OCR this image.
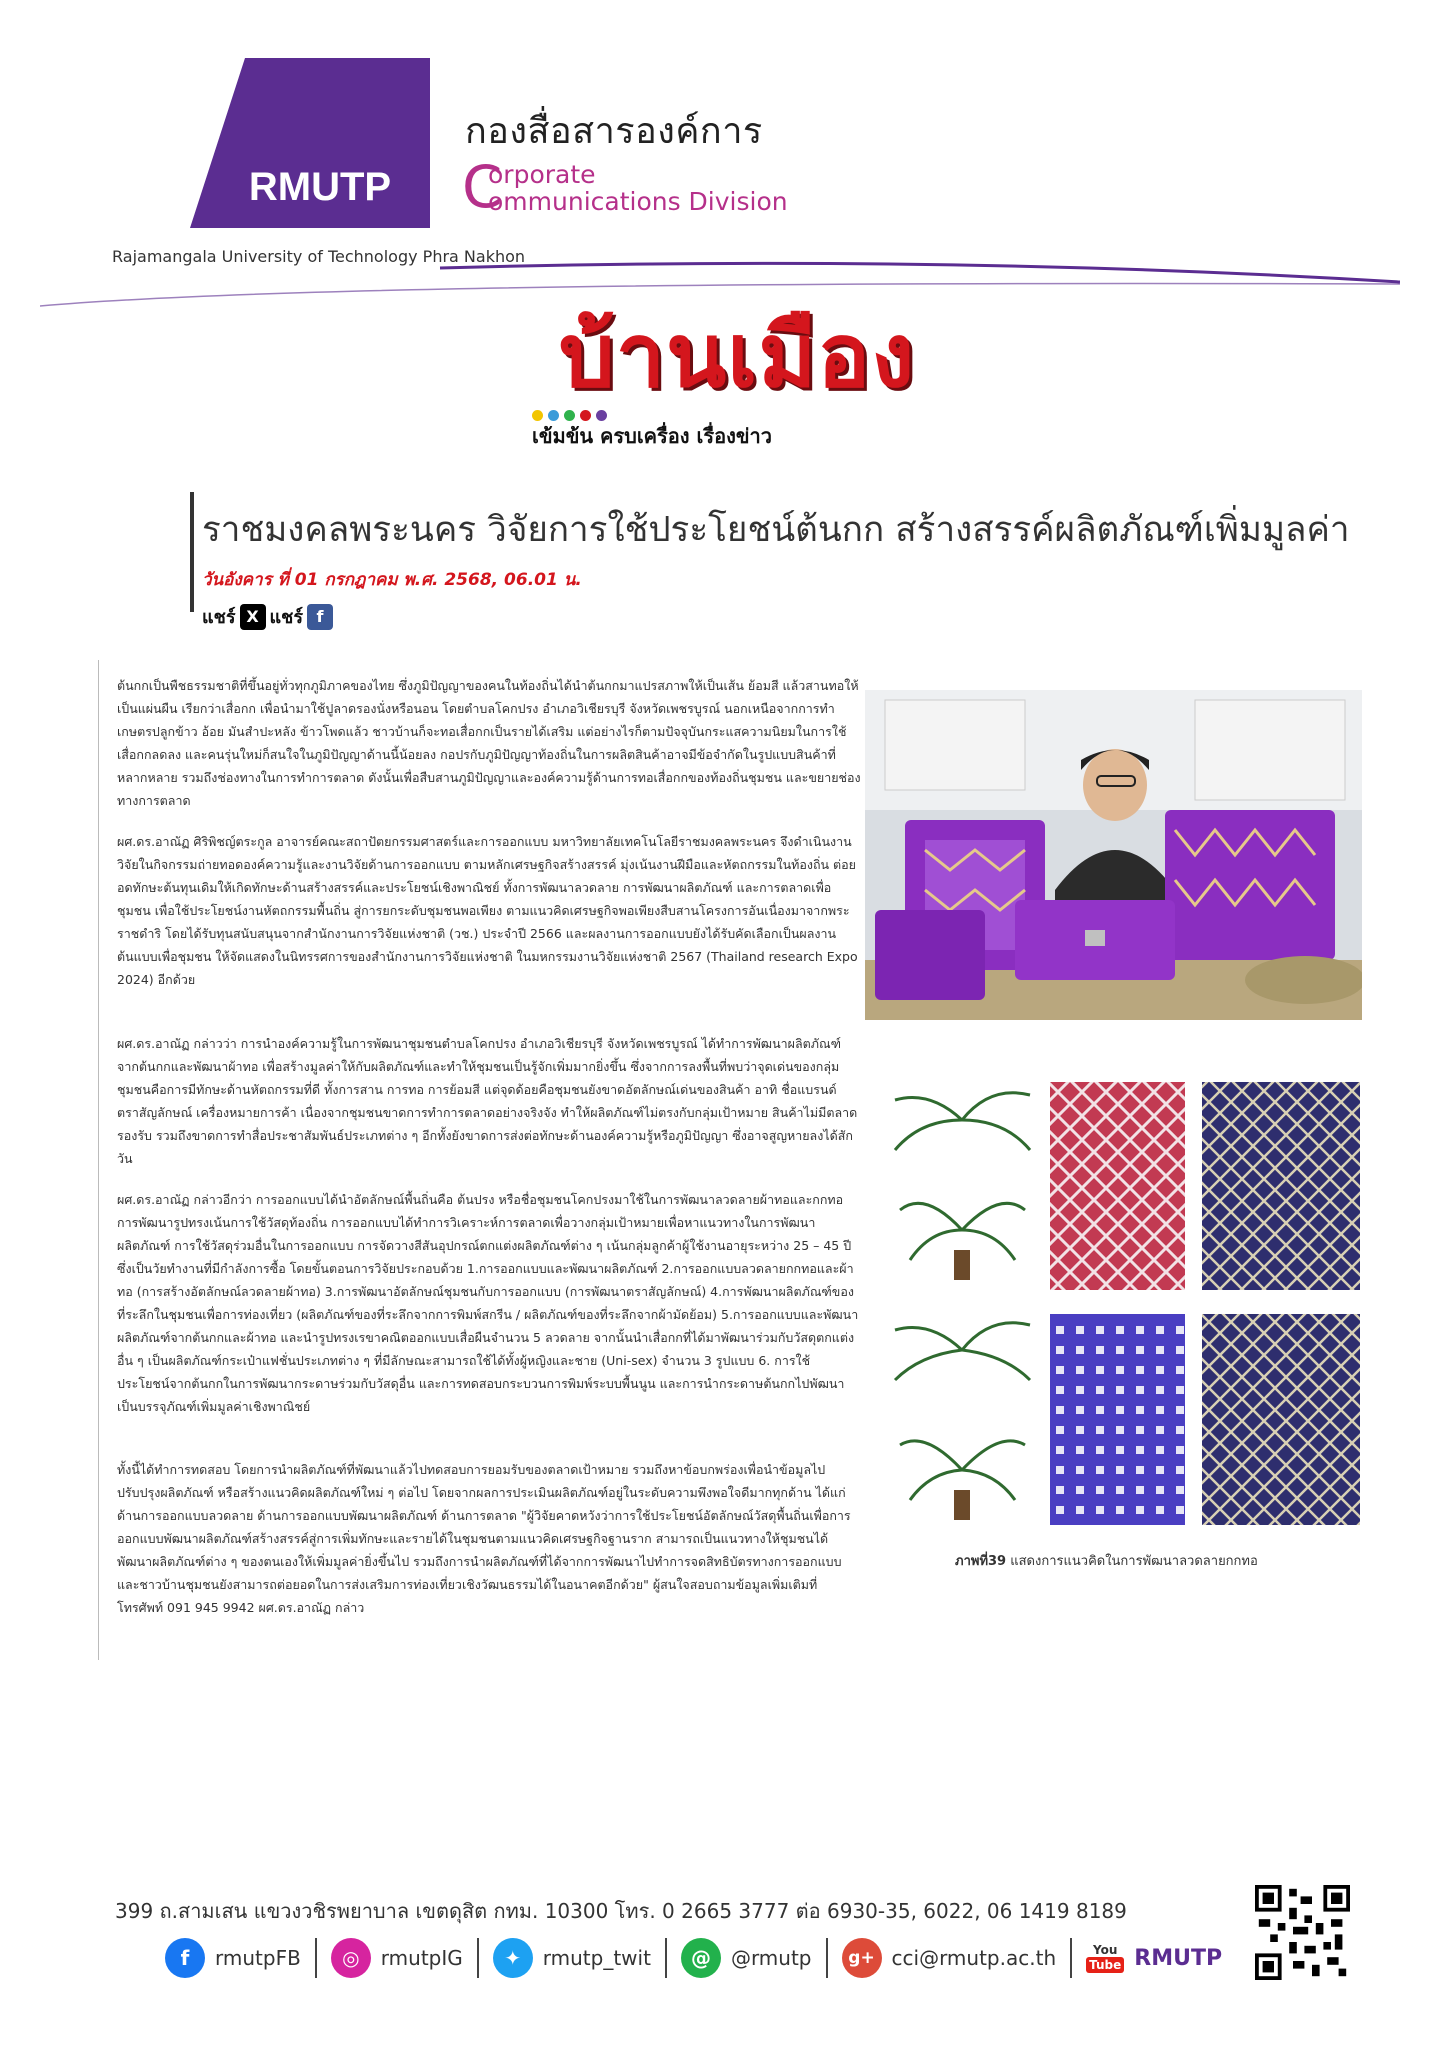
RMUTP
กองสื่อสารองค์การ
C
orporate
ommunications Division
Rajamangala University of Technology Phra Nakhon
บ้านเมือง
เข้มข้น ครบเครื่อง เรื่องข่าว
ราชมงคลพระนคร วิจัยการใช้ประโยชน์ต้นกก สร้างสรรค์ผลิตภัณฑ์เพิ่มมูลค่า
วันอังคาร ที่ 01 กรกฎาคม พ.ศ. 2568, 06.01 น.
แชร์ X แชร์ f
ต้นกกเป็นพืชธรรมชาติที่ขึ้นอยู่ทั่วทุกภูมิภาคของไทย ซึ่งภูมิปัญญาของคนในท้องถิ่นได้นำต้นกกมาแปรสภาพให้เป็นเส้น ย้อมสี แล้วสานทอให้เป็นแผ่นผืน เรียกว่าเสื่อกก เพื่อนำมาใช้ปูลาดรองนั่งหรือนอน โดยตำบลโคกปรง อำเภอวิเชียรบุรี จังหวัดเพชรบูรณ์ นอกเหนือจากการทำเกษตรปลูกข้าว อ้อย มันสำปะหลัง ข้าวโพดแล้ว ชาวบ้านก็จะทอเสื่อกกเป็นรายได้เสริม แต่อย่างไรก็ตามปัจจุบันกระแสความนิยมในการใช้เสื่อกกลดลง และคนรุ่นใหม่ก็สนใจในภูมิปัญญาด้านนี้น้อยลง กอปรกับภูมิปัญญาท้องถิ่นในการผลิตสินค้าอาจมีข้อจำกัดในรูปแบบสินค้าที่หลากหลาย รวมถึงช่องทางในการทำการตลาด ดังนั้นเพื่อสืบสานภูมิปัญญาและองค์ความรู้ด้านการทอเสื่อกกของท้องถิ่นชุมชน และขยายช่องทางการตลาด
ผศ.ดร.อาณัฏ ศิริพิชญ์ตระกูล อาจารย์คณะสถาปัตยกรรมศาสตร์และการออกแบบ มหาวิทยาลัยเทคโนโลยีราชมงคลพระนคร จึงดำเนินงานวิจัยในกิจกรรมถ่ายทอดองค์ความรู้และงานวิจัยด้านการออกแบบ ตามหลักเศรษฐกิจสร้างสรรค์ มุ่งเน้นงานฝีมือและหัตถกรรมในท้องถิ่น ต่อยอดทักษะต้นทุนเดิมให้เกิดทักษะด้านสร้างสรรค์และประโยชน์เชิงพาณิชย์ ทั้งการพัฒนาลวดลาย การพัฒนาผลิตภัณฑ์ และการตลาดเพื่อชุมชน เพื่อใช้ประโยชน์งานหัตถกรรมพื้นถิ่น สู่การยกระดับชุมชนพอเพียง ตามแนวคิดเศรษฐกิจพอเพียงสืบสานโครงการอันเนื่องมาจากพระราชดำริ โดยได้รับทุนสนับสนุนจากสำนักงานการวิจัยแห่งชาติ (วช.) ประจำปี 2566 และผลงานการออกแบบยังได้รับคัดเลือกเป็นผลงานต้นแบบเพื่อชุมชน ให้จัดแสดงในนิทรรศการของสำนักงานการวิจัยแห่งชาติ ในมหกรรมงานวิจัยแห่งชาติ 2567 (Thailand research Expo 2024) อีกด้วย
ผศ.ดร.อาณัฏ กล่าวว่า การนำองค์ความรู้ในการพัฒนาชุมชนตำบลโคกปรง อำเภอวิเชียรบุรี จังหวัดเพชรบูรณ์ ได้ทำการพัฒนาผลิตภัณฑ์จากต้นกกและพัฒนาผ้าทอ เพื่อสร้างมูลค่าให้กับผลิตภัณฑ์และทำให้ชุมชนเป็นรู้จักเพิ่มมากยิ่งขึ้น ซึ่งจากการลงพื้นที่พบว่าจุดเด่นของกลุ่มชุมชนคือการมีทักษะด้านหัตถกรรมที่ดี ทั้งการสาน การทอ การย้อมสี แต่จุดด้อยคือชุมชนยังขาดอัตลักษณ์เด่นของสินค้า อาทิ ชื่อแบรนด์ ตราสัญลักษณ์ เครื่องหมายการค้า เนื่องจากชุมชนขาดการทำการตลาดอย่างจริงจัง ทำให้ผลิตภัณฑ์ไม่ตรงกับกลุ่มเป้าหมาย สินค้าไม่มีตลาดรองรับ รวมถึงขาดการทำสื่อประชาสัมพันธ์ประเภทต่าง ๆ อีกทั้งยังขาดการส่งต่อทักษะด้านองค์ความรู้หรือภูมิปัญญา ซึ่งอาจสูญหายลงได้สักวัน
ผศ.ดร.อาณัฏ กล่าวอีกว่า การออกแบบได้นำอัตลักษณ์พื้นถิ่นคือ ต้นปรง หรือชื่อชุมชนโคกปรงมาใช้ในการพัฒนาลวดลายผ้าทอและกกทอ การพัฒนารูปทรงเน้นการใช้วัสดุท้องถิ่น การออกแบบได้ทำการวิเคราะห์การตลาดเพื่อวางกลุ่มเป้าหมายเพื่อหาแนวทางในการพัฒนาผลิตภัณฑ์ การใช้วัสดุร่วมอื่นในการออกแบบ การจัดวางสีสันอุปกรณ์ตกแต่งผลิตภัณฑ์ต่าง ๆ เน้นกลุ่มลูกค้าผู้ใช้งานอายุระหว่าง 25 – 45 ปี ซึ่งเป็นวัยทำงานที่มีกำลังการซื้อ โดยขั้นตอนการวิจัยประกอบด้วย 1.การออกแบบและพัฒนาผลิตภัณฑ์ 2.การออกแบบลวดลายกกทอและผ้าทอ (การสร้างอัตลักษณ์ลวดลายผ้าทอ) 3.การพัฒนาอัตลักษณ์ชุมชนกับการออกแบบ (การพัฒนาตราสัญลักษณ์) 4.การพัฒนาผลิตภัณฑ์ของที่ระลึกในชุมชนเพื่อการท่องเที่ยว (ผลิตภัณฑ์ของที่ระลึกจากการพิมพ์สกรีน / ผลิตภัณฑ์ของที่ระลึกจากผ้ามัดย้อม) 5.การออกแบบและพัฒนาผลิตภัณฑ์จากต้นกกและผ้าทอ และนำรูปทรงเรขาคณิตออกแบบเสื่อผืนจำนวน 5 ลวดลาย จากนั้นนำเสื่อกกที่ได้มาพัฒนาร่วมกับวัสดุตกแต่งอื่น ๆ เป็นผลิตภัณฑ์กระเป๋าแฟชั่นประเภทต่าง ๆ ที่มีลักษณะสามารถใช้ได้ทั้งผู้หญิงและชาย (Uni-sex) จำนวน 3 รูปแบบ 6. การใช้ประโยชน์จากต้นกกในการพัฒนากระดาษร่วมกับวัสดุอื่น และการทดสอบกระบวนการพิมพ์ระบบพื้นนูน และการนำกระดาษต้นกกไปพัฒนาเป็นบรรจุภัณฑ์เพิ่มมูลค่าเชิงพาณิชย์
ทั้งนี้ได้ทำการทดสอบ โดยการนำผลิตภัณฑ์ที่พัฒนาแล้วไปทดสอบการยอมรับของตลาดเป้าหมาย รวมถึงหาข้อบกพร่องเพื่อนำข้อมูลไปปรับปรุงผลิตภัณฑ์ หรือสร้างแนวคิดผลิตภัณฑ์ใหม่ ๆ ต่อไป โดยจากผลการประเมินผลิตภัณฑ์อยู่ในระดับความพึงพอใจดีมากทุกด้าน ได้แก่ ด้านการออกแบบลวดลาย ด้านการออกแบบพัฒนาผลิตภัณฑ์ ด้านการตลาด "ผู้วิจัยคาดหวังว่าการใช้ประโยชน์อัตลักษณ์วัสดุพื้นถิ่นเพื่อการออกแบบพัฒนาผลิตภัณฑ์สร้างสรรค์สู่การเพิ่มทักษะและรายได้ในชุมชนตามแนวคิดเศรษฐกิจฐานราก สามารถเป็นแนวทางให้ชุมชนได้พัฒนาผลิตภัณฑ์ต่าง ๆ ของตนเองให้เพิ่มมูลค่ายิ่งขึ้นไป รวมถึงการนำผลิตภัณฑ์ที่ได้จากการพัฒนาไปทำการจดสิทธิบัตรทางการออกแบบ และชาวบ้านชุมชนยังสามารถต่อยอดในการส่งเสริมการท่องเที่ยวเชิงวัฒนธรรมได้ในอนาคตอีกด้วย" ผู้สนใจสอบถามข้อมูลเพิ่มเติมที่ โทรศัพท์ 091 945 9942 ผศ.ดร.อาณัฏ กล่าว
ภาพที่39 แสดงการแนวคิดในการพัฒนาลวดลายกกทอ
399 ถ.สามเสน แขวงวชิรพยาบาล เขตดุสิต กทม. 10300 โทร. 0 2665 3777 ต่อ 6930-35, 6022, 06 1419 8189
f	rmutpFB	◎	rmutpIG	✦	rmutp_twit	@	@rmutp	g+ cci@rmutp.ac.th	You
Tube RMUTP
